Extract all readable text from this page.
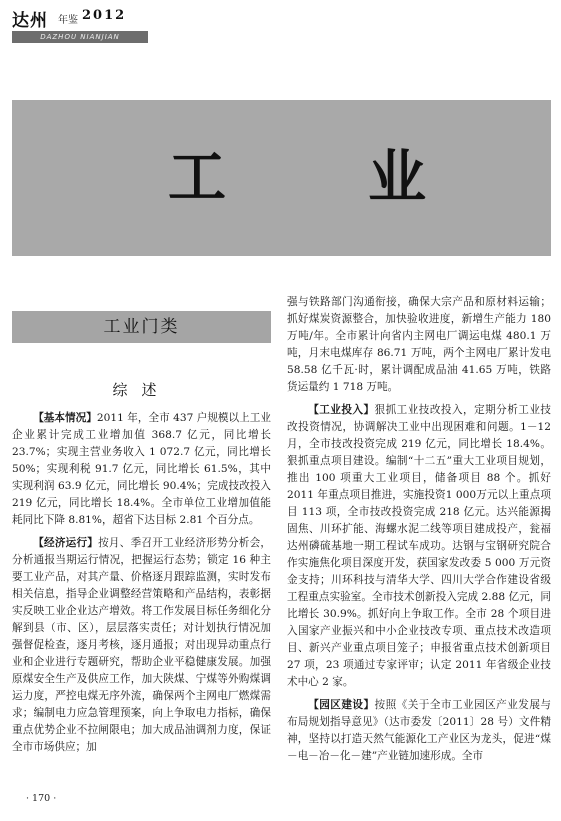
达州 年鉴 2012
DAZHOU NIANJIAN
工 业
工业门类
综述

【基本情况】2011 年，全市 437 户规模以上工业企业累计完成工业增加值 368.7 亿元，同比增长 23.7%；实现主营业务收入 1 072.7 亿元，同比增长 50%；实现利税 91.7 亿元，同比增长 61.5%，其中实现利润 63.9 亿元，同比增长 90.4%；完成技改投入 219 亿元，同比增长 18.4%。全市单位工业增加值能耗同比下降 8.81%，超省下达目标 2.81 个百分点。

【经济运行】按月、季召开工业经济形势分析会，分析通报当期运行情况，把握运行态势；锁定 16 种主要工业产品，对其产量、价格逐月跟踪监测，实时发布相关信息，指导企业调整经营策略和产品结构，表彰据实反映工业企业达产增效。将工作发展目标任务细化分解到县（市、区），层层落实责任；对计划执行情况加强督促检查，逐月考核，逐月通报；对出现异动重点行业和企业进行专题研究，帮助企业平稳健康发展。加强原煤安全生产及供应工作，加大陕煤、宁煤等外购煤调运力度，严控电煤无序外流，确保两个主网电厂燃煤需求；编制电力应急管理预案，向上争取电力指标，确保重点优势企业不拉闸限电；加大成品油调剂力度，保证全市市场供应；加

强与铁路部门沟通衔接，确保大宗产品和原材料运输；抓好煤炭资源整合，加快验收进度，新增生产能力 180 万吨/年。全市累计向省内主网电厂调运电煤 480.1 万吨，月末电煤库存 86.71 万吨，两个主网电厂累计发电 58.58 亿千瓦·时，累计调配成品油 41.65 万吨，铁路货运量约 1 718 万吨。

【工业投入】狠抓工业技改投入，定期分析工业技改投资情况，协调解决工业中出现困难和问题。1－12 月，全市技改投资完成 219 亿元，同比增长 18.4%。狠抓重点项目建设。编制“十二五”重大工业项目规划，推出 100 项重大工业项目，储备项目 88 个。抓好 2011 年重点项目推进，实施投资1 000万元以上重点项目 113 项，全市技改投资完成 218 亿元。达兴能源揭固焦、川环扩能、海螺水泥二线等项目建成投产，瓮福达州磷硫基地一期工程试车成功。达钢与宝钢研究院合作实施焦化项目深度开发，获国家发改委 5 000 万元资金支持；川环科技与清华大学、四川大学合作建设省级工程重点实验室。全市技术创新投入完成 2.88 亿元，同比增长 30.9%。抓好向上争取工作。全市 28 个项目进入国家产业振兴和中小企业技改专项、重点技术改造项目、新兴产业重点项目笼子；申报省重点技术创新项目 27 项，23 项通过专家评审；认定 2011 年省级企业技术中心 2 家。

【园区建设】按照《关于全市工业园区产业发展与布局规划指导意见》（达市委发〔2011〕28 号）文件精神，坚持以打造天然气能源化工产业区为龙头，促进“煤－电－冶－化－建”产业链加速形成。全市

· 170 ·
